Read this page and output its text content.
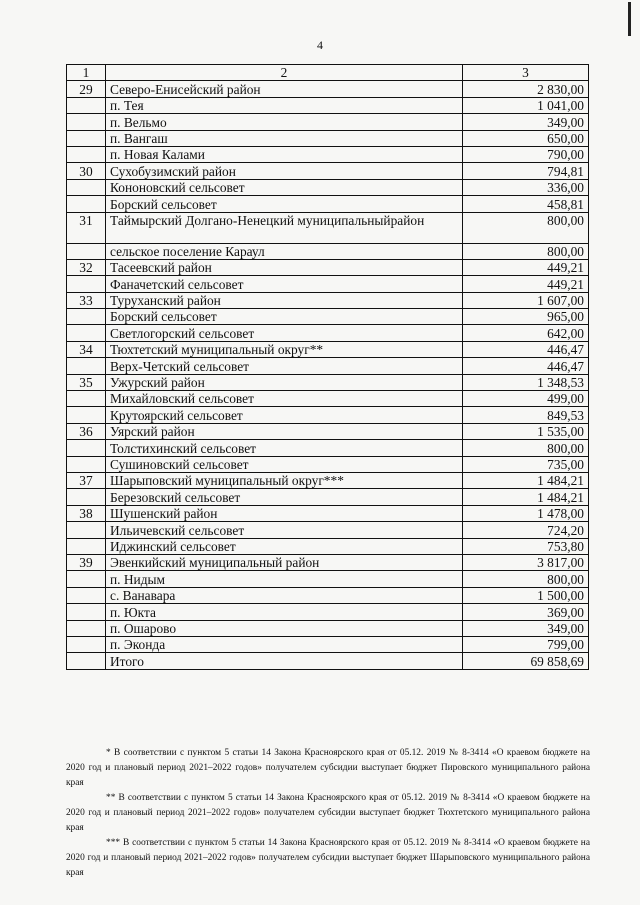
4
1	2	3
29	Северо-Енисейский район	2 830,00
	п. Тея	1 041,00
	п. Вельмо	349,00
	п. Вангаш	650,00
	п. Новая Калами	790,00
30	Сухобузимский район	794,81
	Кононовский сельсовет	336,00
	Борский сельсовет	458,81
31	Таймырский Долгано-Ненецкий муниципальныйрайон	800,00
	сельское поселение Караул	800,00
32	Тасеевский район	449,21
	Фаначетский сельсовет	449,21
33	Туруханский район	1 607,00
	Борский сельсовет	965,00
	Светлогорский сельсовет	642,00
34	Тюхтетский муниципальный округ**	446,47
	Верх-Четский сельсовет	446,47
35	Ужурский район	1 348,53
	Михайловский сельсовет	499,00
	Крутоярский сельсовет	849,53
36	Уярский район	1 535,00
	Толстихинский сельсовет	800,00
	Сушиновский сельсовет	735,00
37	Шарыповский муниципальный округ***	1 484,21
	Березовский сельсовет	1 484,21
38	Шушенский район	1 478,00
	Ильичевский сельсовет	724,20
	Иджинский сельсовет	753,80
39	Эвенкийский муниципальный район	3 817,00
	п. Нидым	800,00
	с. Ванавара	1 500,00
	п. Юкта	369,00
	п. Ошарово	349,00
	п. Эконда	799,00
	Итого	69 858,69

* В соответствии с пунктом 5 статьи 14 Закона Красноярского края от 05.12. 2019 № 8-3414 «О краевом бюджете на 2020 год и плановый период 2021–2022 годов» получателем субсидии выступает бюджет Пировского муниципального района края

** В соответствии с пунктом 5 статьи 14 Закона Красноярского края от 05.12. 2019 № 8-3414 «О краевом бюджете на 2020 год и плановый период 2021–2022 годов» получателем субсидии выступает бюджет Тюхтетского муниципального района края

*** В соответствии с пунктом 5 статьи 14 Закона Красноярского края от 05.12. 2019 № 8-3414 «О краевом бюджете на 2020 год и плановый период 2021–2022 годов» получателем субсидии выступает бюджет Шарыповского муниципального района края
